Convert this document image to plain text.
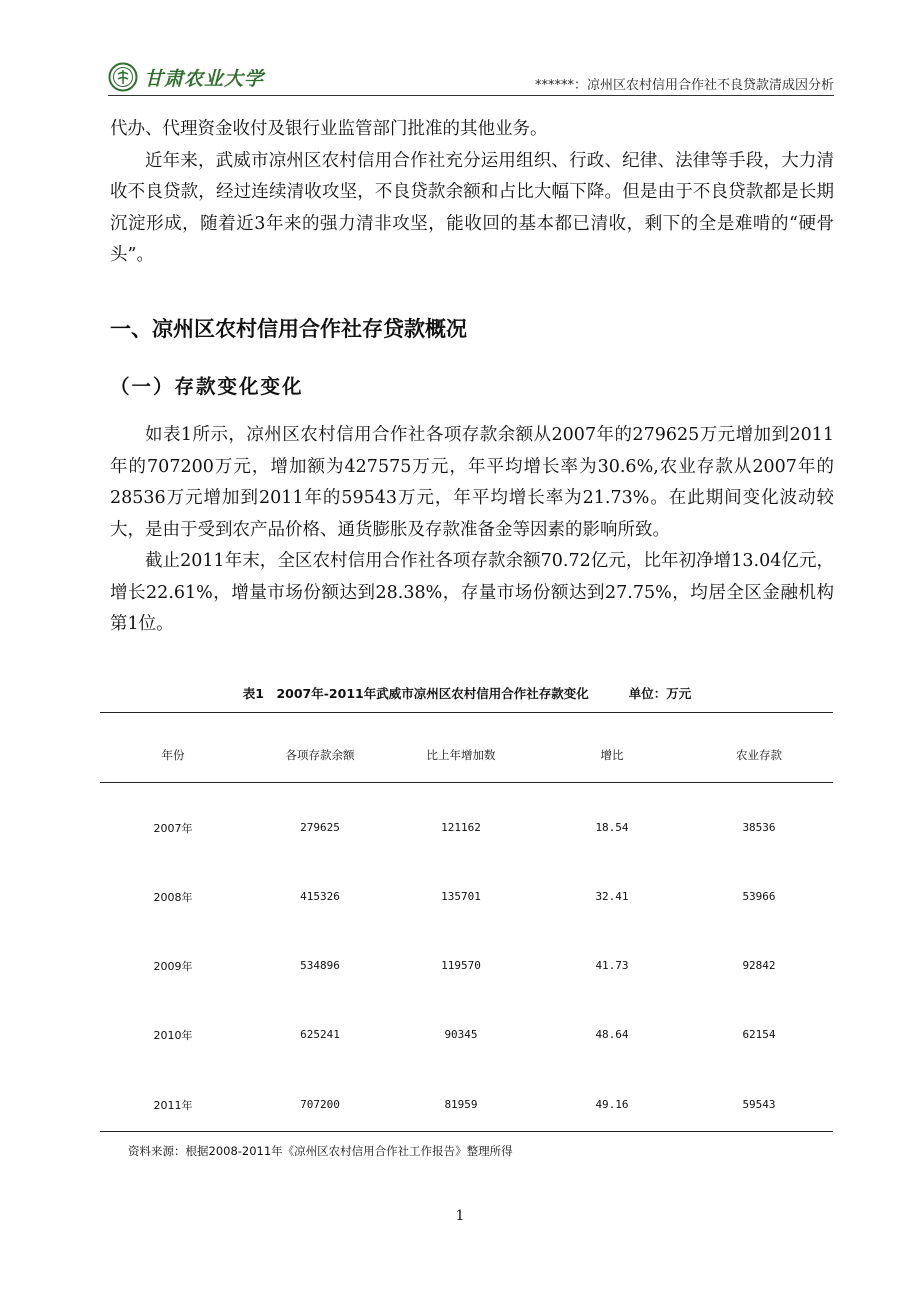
甘肃农业大学	******：凉州区农村信用合作社不良贷款清成因分析

代办、代理资金收付及银行业监管部门批准的其他业务。

近年来，武威市凉州区农村信用合作社充分运用组织、行政、纪律、法律等手段，大力清收不良贷款，经过连续清收攻坚，不良贷款余额和占比大幅下降。但是由于不良贷款都是长期沉淀形成，随着近3年来的强力清非攻坚，能收回的基本都已清收，剩下的全是难啃的“硬骨头”。

一、凉州区农村信用合作社存贷款概况
（一）存款变化变化

如表1所示，凉州区农村信用合作社各项存款余额从2007年的279625万元增加到2011年的707200万元，增加额为427575万元，年平均增长率为30.6%,农业存款从2007年的28536万元增加到2011年的59543万元，年平均增长率为21.73%。在此期间变化波动较大，是由于受到农产品价格、通货膨胀及存款准备金等因素的影响所致。

截止2011年末，全区农村信用合作社各项存款余额70.72亿元，比年初净增13.04亿元，增长22.61%，增量市场份额达到28.38%，存量市场份额达到27.75%，均居全区金融机构第1位。

表1　2007年-2011年武威市凉州区农村信用合作社存款变化	单位：万元
年份	各项存款余额	比上年增加数	增比	农业存款
2007年	279625	121162	18.54	38536
2008年	415326	135701	32.41	53966
2009年	534896	119570	41.73	92842
2010年	625241	90345	48.64	62154
2011年	707200	81959	49.16	59543
资料来源：根据2008-2011年《凉州区农村信用合作社工作报告》整理所得
1
